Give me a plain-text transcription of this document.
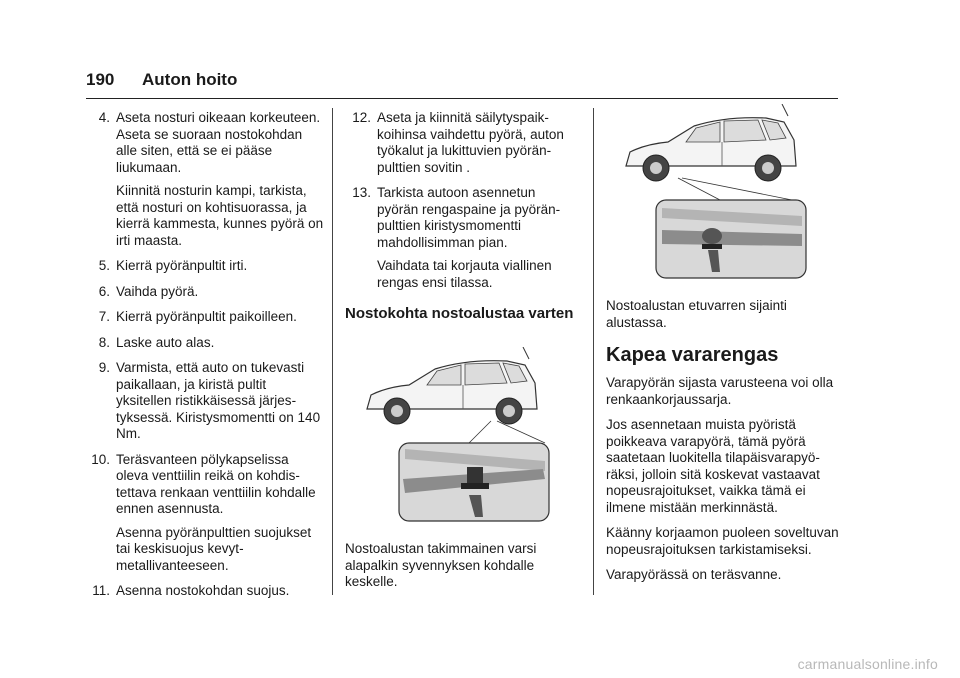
190 Auton hoito
4. Aseta nosturi oikeaan korkeuteen. Aseta se suoraan nostokohdan alle siten, että se ei pääse liukumaan.
Kiinnitä nosturin kampi, tarkista, että nosturi on kohtisuorassa, ja kierrä kammesta, kunnes pyörä on irti maasta.
5. Kierrä pyöränpultit irti.
6. Vaihda pyörä.
7. Kierrä pyöränpultit paikoilleen.
8. Laske auto alas.
9. Varmista, että auto on tukevasti paikallaan, ja kiristä pultit yksitellen ristikkäisessä järjestyksessä. Kiristysmomentti on 140 Nm.
10. Teräsvanteen pölykapselissa oleva venttiilin reikä on kohdistettava renkaan venttiilin kohdalle ennen asennusta.
Asenna pyöränpulttien suojukset tai keskisuojus kevytmetallivanteeseen.
11. Asenna nostokohdan suojus.
12. Aseta ja kiinnitä säilytyspaikkoihinsa vaihdettu pyörä, auton työkalut ja lukittuvien pyöränpulttien sovitin .
13. Tarkista autoon asennetun pyörän rengaspaine ja pyöränpulttien kiristysmomentti mahdollisimman pian.
Vaihdata tai korjauta viallinen rengas ensi tilassa.
Nostokohta nostoalustaa varten

Nostoalustan takimmainen varsi alapalkin syvennyksen kohdalle keskelle.

Nostoalustan etuvarren sijainti alustassa.

Kapea vararengas

Varapyörän sijasta varusteena voi olla renkaankorjaussarja.

Jos asennetaan muista pyöristä poikkeava varapyörä, tämä pyörä saatetaan luokitella tilapäisvarapyöräksi, jolloin sitä koskevat vastaavat nopeusrajoitukset, vaikka tämä ei ilmene mistään merkinnästä.

Käänny korjaamon puoleen soveltuvan nopeusrajoituksen tarkistamiseksi.

Varapyörässä on teräsvanne.

carmanualsonline.info
